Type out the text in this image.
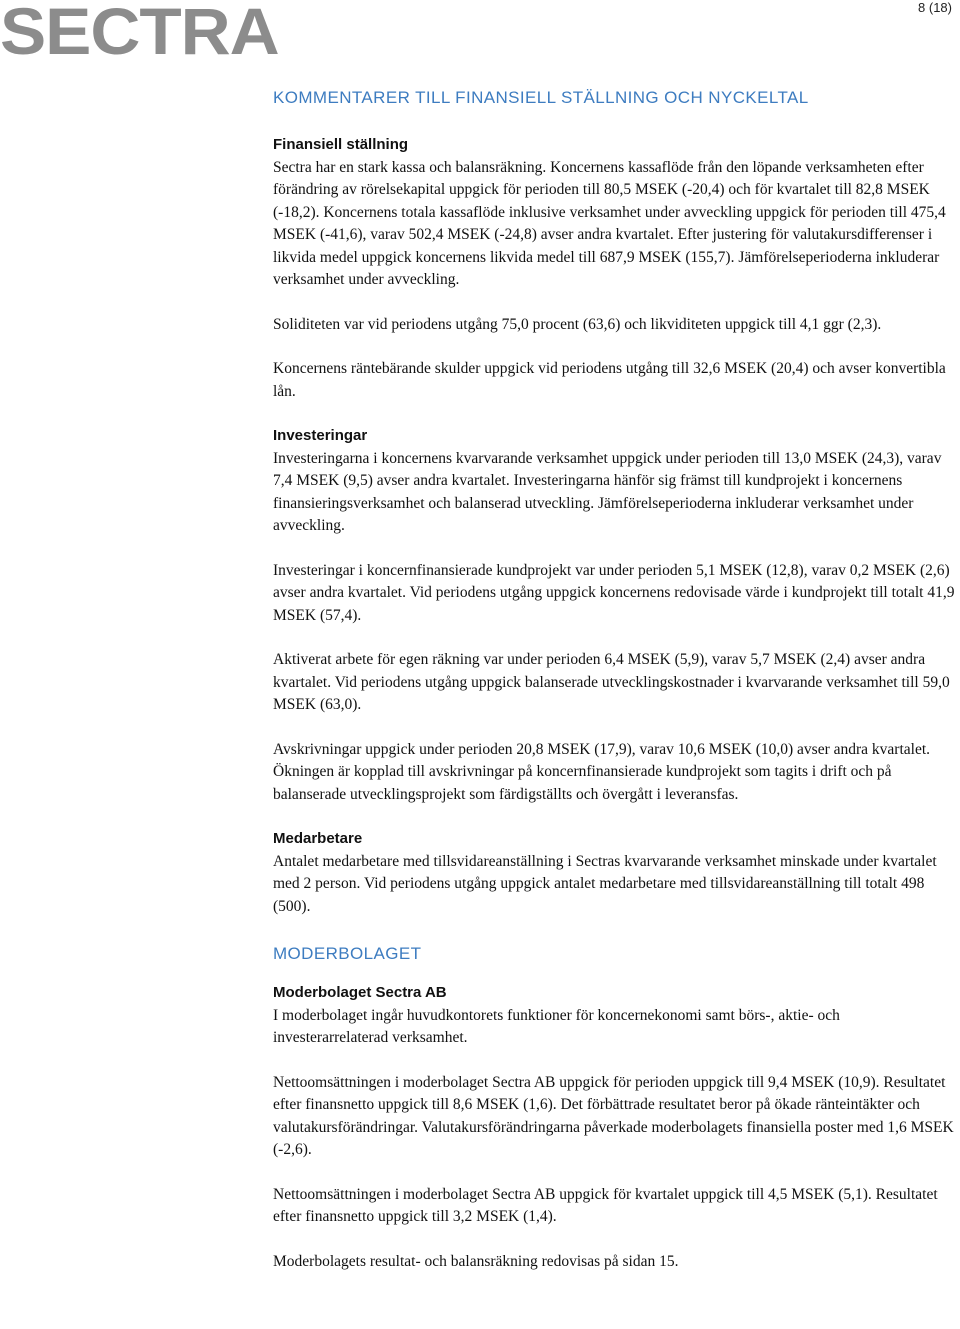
SECTRA	8 (18)
KOMMENTARER TILL FINANSIELL STÄLLNING OCH NYCKELTAL
Finansiell ställning

Sectra har en stark kassa och balansräkning. Koncernens kassaflöde från den löpande verksamheten efter förändring av rörelsekapital uppgick för perioden till 80,5 MSEK (-20,4) och för kvartalet till 82,8 MSEK (-18,2). Koncernens totala kassaflöde inklusive verksamhet under avveckling uppgick för perioden till 475,4 MSEK (-41,6), varav 502,4 MSEK (-24,8) avser andra kvartalet. Efter justering för valutakursdifferenser i likvida medel uppgick koncernens likvida medel till 687,9 MSEK (155,7). Jämförelseperioderna inkluderar verksamhet under avveckling.

Soliditeten var vid periodens utgång 75,0 procent (63,6) och likviditeten uppgick till 4,1 ggr (2,3).

Koncernens räntebärande skulder uppgick vid periodens utgång till 32,6 MSEK (20,4) och avser konvertibla lån.

Investeringar

Investeringarna i koncernens kvarvarande verksamhet uppgick under perioden till 13,0 MSEK (24,3), varav 7,4 MSEK (9,5) avser andra kvartalet. Investeringarna hänför sig främst till kundprojekt i koncernens finansieringsverksamhet och balanserad utveckling. Jämförelseperioderna inkluderar verksamhet under avveckling.

Investeringar i koncernfinansierade kundprojekt var under perioden 5,1 MSEK (12,8), varav 0,2 MSEK (2,6) avser andra kvartalet. Vid periodens utgång uppgick koncernens redovisade värde i kundprojekt till totalt 41,9 MSEK (57,4).

Aktiverat arbete för egen räkning var under perioden 6,4 MSEK (5,9), varav 5,7 MSEK (2,4) avser andra kvartalet. Vid periodens utgång uppgick balanserade utvecklingskostnader i kvarvarande verksamhet till 59,0 MSEK (63,0).

Avskrivningar uppgick under perioden 20,8 MSEK (17,9), varav 10,6 MSEK (10,0) avser andra kvartalet. Ökningen är kopplad till avskrivningar på koncernfinansierade kundprojekt som tagits i drift och på balanserade utvecklingsprojekt som färdigställts och övergått i leveransfas.

Medarbetare

Antalet medarbetare med tillsvidareanställning i Sectras kvarvarande verksamhet minskade under kvartalet med 2 person. Vid periodens utgång uppgick antalet medarbetare med tillsvidareanställning till totalt 498 (500).

MODERBOLAGET
Moderbolaget Sectra AB

I moderbolaget ingår huvudkontorets funktioner för koncernekonomi samt börs-, aktie- och investerarrelaterad verksamhet.

Nettoomsättningen i moderbolaget Sectra AB uppgick för perioden uppgick till 9,4 MSEK (10,9). Resultatet efter finansnetto uppgick till 8,6 MSEK (1,6). Det förbättrade resultatet beror på ökade ränteintäkter och valutakursförändringar. Valutakursförändringarna påverkade moderbolagets finansiella poster med 1,6 MSEK (-2,6).

Nettoomsättningen i moderbolaget Sectra AB uppgick för kvartalet uppgick till 4,5 MSEK (5,1). Resultatet efter finansnetto uppgick till 3,2 MSEK (1,4).

Moderbolagets resultat- och balansräkning redovisas på sidan 15.
